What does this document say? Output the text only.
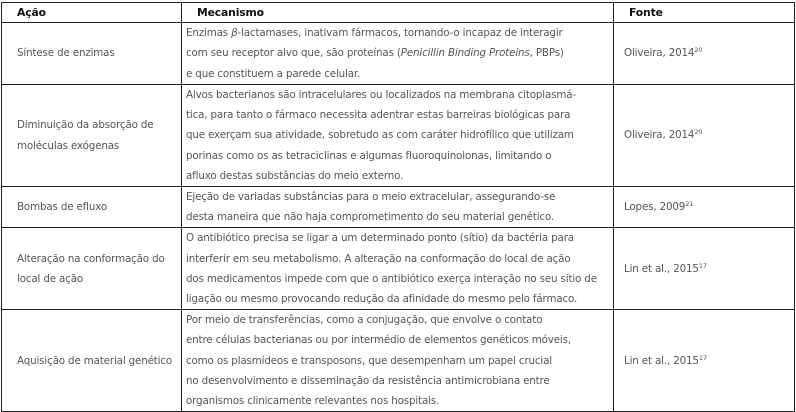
Ação	Mecanismo	Fonte
Síntese de enzimas	Enzimas β-lactamases, inativam fármacos, tornando-o incapaz de interagir
com seu receptor alvo que, são proteínas (Penicillin Binding Proteins, PBPs)
e que constituem a parede celular.	Oliveira, 2014$^{20}$
Diminuição da absorção de
moléculas exógenas	Alvos bacterianos são intracelulares ou localizados na membrana citoplasmá-
tica, para tanto o fármaco necessita adentrar estas barreiras biológicas para
que exerçam sua atividade, sobretudo as com caráter hidrofílico que utilizam
porinas como os as tetraciclinas e algumas fluoroquinolonas, limitando o
afluxo destas substâncias do meio externo.	Oliveira, 2014$^{20}$
Bombas de efluxo	Ejeção de variadas substâncias para o meio extracelular, assegurando-se
desta maneira que não haja comprometimento do seu material genético.	Lopes, 2009$^{21}$
Alteração na conformação do
local de ação	O antibiótico precisa se ligar a um determinado ponto (sítio) da bactéria para
interferir em seu metabolismo. A alteração na conformação do local de ação
dos medicamentos impede com que o antibiótico exerça interação no seu sítio de
ligação ou mesmo provocando redução da afinidade do mesmo pelo fármaco.	Lin et al., 2015$^{17}$
Aquisição de material genético	Por meio de transferências, como a conjugação, que envolve o contato
entre células bacterianas ou por intermédio de elementos genéticos móveis,
como os plasmídeos e transposons, que desempenham um papel crucial
no desenvolvimento e disseminação da resistência antimicrobiana entre
organismos clinicamente relevantes nos hospitais.	Lin et al., 2015$^{17}$
